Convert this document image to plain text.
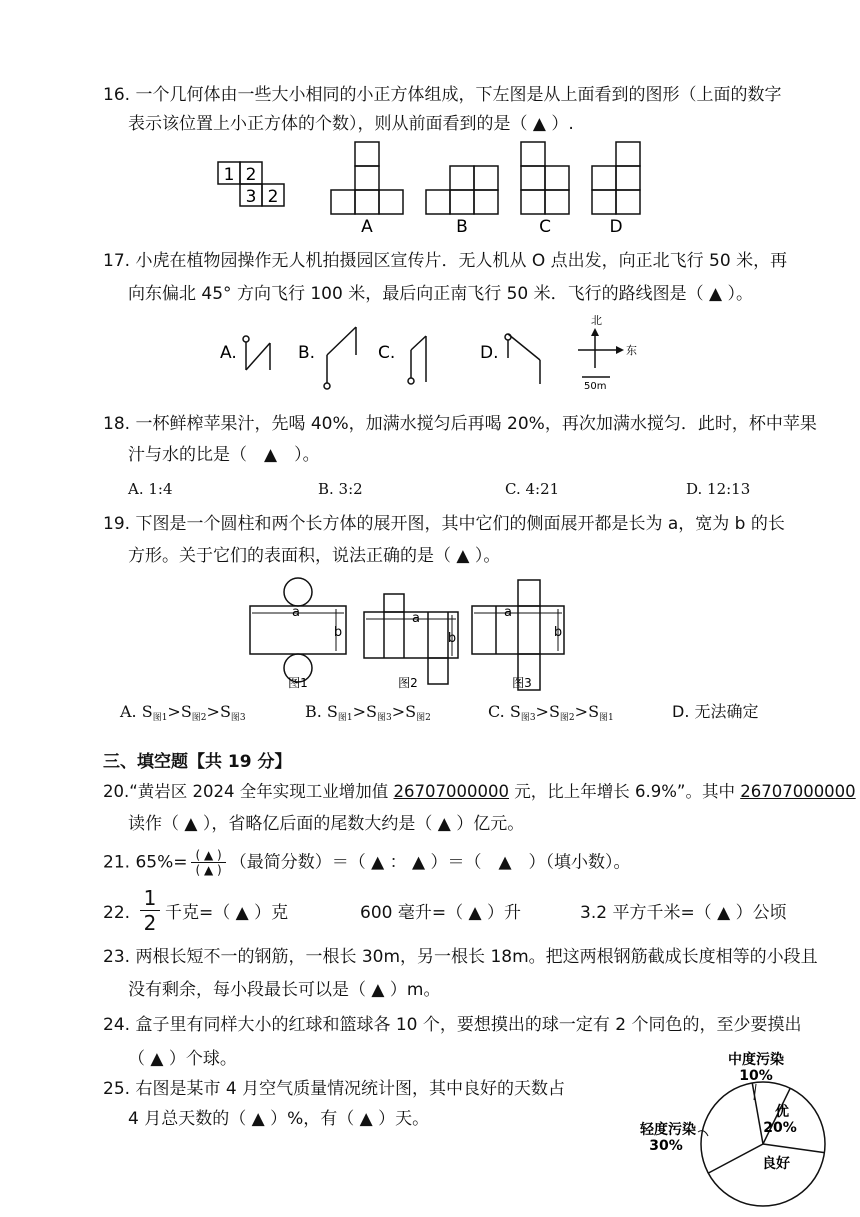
16. 一个几何体由一些大小相同的小正方体组成，下左图是从上面看到的图形（上面的数字
表示该位置上小正方体的个数），则从前面看到的是（ ▲ ）.
1 2
3 2
A	B	C	D
17. 小虎在植物园操作无人机拍摄园区宣传片．无人机从 O 点出发，向正北飞行 50 米，再
向东偏北 45° 方向飞行 100 米，最后向正南飞行 50 米．飞行的路线图是（ ▲ ）。
A.	B.	C.	D.
北
东
50m
18. 一杯鲜榨苹果汁，先喝 40%，加满水搅匀后再喝 20%，再次加满水搅匀．此时，杯中苹果
汁与水的比是（　▲　）。
A. 1:4	B. 3:2	C. 4:21	D. 12:13
19. 下图是一个圆柱和两个长方体的展开图，其中它们的侧面展开都是长为 a，宽为 b 的长
方形。关于它们的表面积，说法正确的是（ ▲ ）。
a
b
图1
a
b
图2
a
b
图3
A. $S_{图1}>S_{图2}>S_{图3}$	B. $S_{图1}>S_{图3}>S_{图2}$	C. $S_{图3}>S_{图2}>S_{图1}$	D. 无法确定
三、填空题【共 19 分】
20.“黄岩区 2024 全年实现工业增加值 26707000000 元，比上年增长 6.9%”。其中 26707000000
读作（ ▲ ），省略亿后面的尾数大约是（ ▲ ）亿元。
21. $65\%= \frac{( ▲ )}{( ▲ )}$ （最简分数）＝（ ▲ ： ▲ ）＝（　▲　）（填小数）。
22.
1
2 千克=（ ▲ ）克	600 毫升=（ ▲ ）升	3.2 平方千米=（ ▲ ）公顷
23. 两根长短不一的钢筋，一根长 30m，另一根长 18m。把这两根钢筋截成长度相等的小段且
没有剩余，每小段最长可以是（ ▲ ）m。
24. 盒子里有同样大小的红球和篮球各 10 个，要想摸出的球一定有 2 个同色的，至少要摸出
（ ▲ ）个球。
25. 右图是某市 4 月空气质量情况统计图，其中良好的天数占
4 月总天数的（ ▲ ）%，有（ ▲ ）天。
中度污染
10%
优
20%
轻度污染
30%
良好
